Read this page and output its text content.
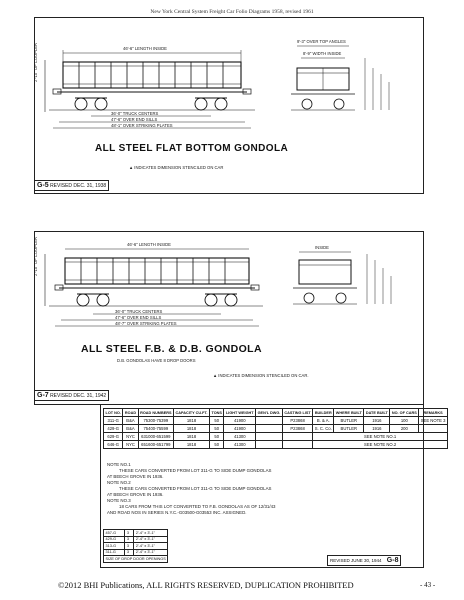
New York Central System Freight Car Folio Diagrams 1958, revised 1961
2'-10" OF COUPLER	46'-6" LENGTH INSIDE
36'-0" TRUCK CENTERS
47'-6" OVER END SILLS
48'-1" OVER STRIKING PLATES
9'-3" OVER TOP ANGLES
8'-9" WIDTH INSIDE
ALL STEEL FLAT BOTTOM GONDOLA
▲ INDICATES DIMENSION STENCILED ON CAR
G-5 REVISED DEC. 31, 1938
2'-10" OF COUPLER	46'-6" LENGTH INSIDE
INSIDE
36'-0" TRUCK CENTERS
47'-6" OVER END SILLS
48'-7" OVER STRIKING PLATES
ALL STEEL F.B. & D.B. GONDOLA
D.B. GONDOLAS HAVE 8 DROP DOORS
▲ INDICATES DIMENSION STENCILED ON CAR.
G-7 REVISED DEC. 31, 1942
LOT NO.	ROAD	ROAD NUMBERS	CAPACITY CU.FT.	TONS	LIGHT WEIGHT	GEN'L DWG.	CASTING LIST	BUILDER	WHERE BUILT	DATE BUILT	NO. OF CARS	REMARKS
311-G	B&A	75300-75399	1818	50	41900		P23868	B. & A.	BUTLER	1916	100	SEE NOTE 3
429-G	B&A	75400-75599	1818	50	41900		P23868	S. C. Co.	BUTLER	1916	200	
629-G	NYC	631000-651599	1818	50	41300			SEE NOTE NO.1				
646-G	NYC	651600-651799	1818	50	41300			SEE NOTE NO.2				
NOTE NO.1
THESE CARS CONVERTED FROM LOT 311-G TO SIDE DUMP GONDOLAS
AT BEECH GROVE IN 1936.
NOTE NO.2
THESE CARS CONVERTED FROM LOT 311-G TO SIDE DUMP GONDOLAS
AT BEECH GROVE IN 1936.
NOTE NO.3
18 CARS FROM THIS LOT CONVERTED TO F.B. GONDOLAS AS OF 12/31/43
AND ROAD NOS IN SERIES N.Y.C.-G03500-G03553 INC. ASSIGNED.
457-G	3	2'-4" x 3'-1"
429-G	3	2'-4" x 3'-1"
313-G	3	2'-4" x 3'-1"
311-G	3	2'-4" x 3'-1"
SIZE OF DROP DOOR OPENINGS			REVISED JUNE 30, 1944 G-8
©2012 BHI Publications, ALL RIGHTS RESERVED, DUPLICATION PROHIBITED	- 43 -
